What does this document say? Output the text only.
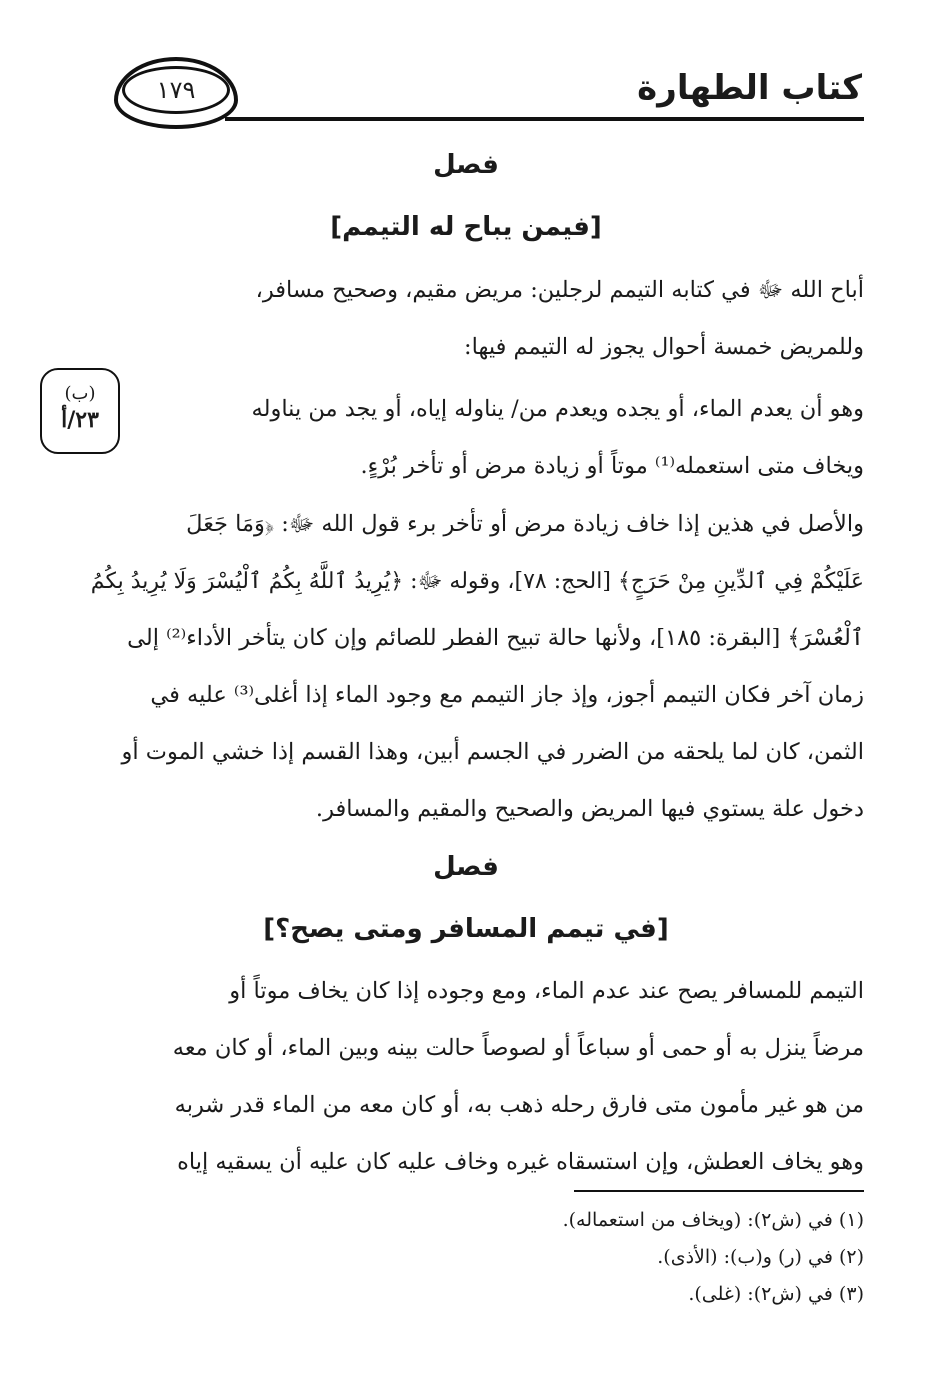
كتاب الطهارة
١٧٩
(ب)
٢٣/أ
فصل
[فيمن يباح له التيمم]
أباح الله ﷻ في كتابه التيمم لرجلين: مريض مقيم، وصحيح مسافر،
وللمريض خمسة أحوال يجوز له التيمم فيها:
وهو أن يعدم الماء، أو يجده ويعدم من/ يناوله إياه، أو يجد من يناوله
ويخاف متى استعمله⁽¹⁾ موتاً أو زيادة مرض أو تأخر بُرْءٍ.
والأصل في هذين إذا خاف زيادة مرض أو تأخر برء قول الله ﷻ: ﴿وَمَا جَعَلَ
عَلَيْكُمْ فِي ٱلدِّينِ مِنْ حَرَجٍ﴾ [الحج: ٧٨]، وقوله ﷻ: ﴿يُرِيدُ ٱللَّهُ بِكُمُ ٱلْيُسْرَ وَلَا يُرِيدُ بِكُمُ
ٱلْعُسْرَ﴾ [البقرة: ١٨٥]، ولأنها حالة تبيح الفطر للصائم وإن كان يتأخر الأداء⁽²⁾ إلى
زمان آخر فكان التيمم أجوز، وإذ جاز التيمم مع وجود الماء إذا أغلى⁽³⁾ عليه في
الثمن، كان لما يلحقه من الضرر في الجسم أبين، وهذا القسم إذا خشي الموت أو
دخول علة يستوي فيها المريض والصحيح والمقيم والمسافر.
فصل
[في تيمم المسافر ومتى يصح؟]
التيمم للمسافر يصح عند عدم الماء، ومع وجوده إذا كان يخاف موتاً أو
مرضاً ينزل به أو حمى أو سباعاً أو لصوصاً حالت بينه وبين الماء، أو كان معه
من هو غير مأمون متى فارق رحله ذهب به، أو كان معه من الماء قدر شربه
وهو يخاف العطش، وإن استسقاه غيره وخاف عليه كان عليه أن يسقيه إياه
(١) في (ش٢): (ويخاف من استعماله).
(٢) في (ر) و(ب): (الأذى).
(٣) في (ش٢): (غلى).
